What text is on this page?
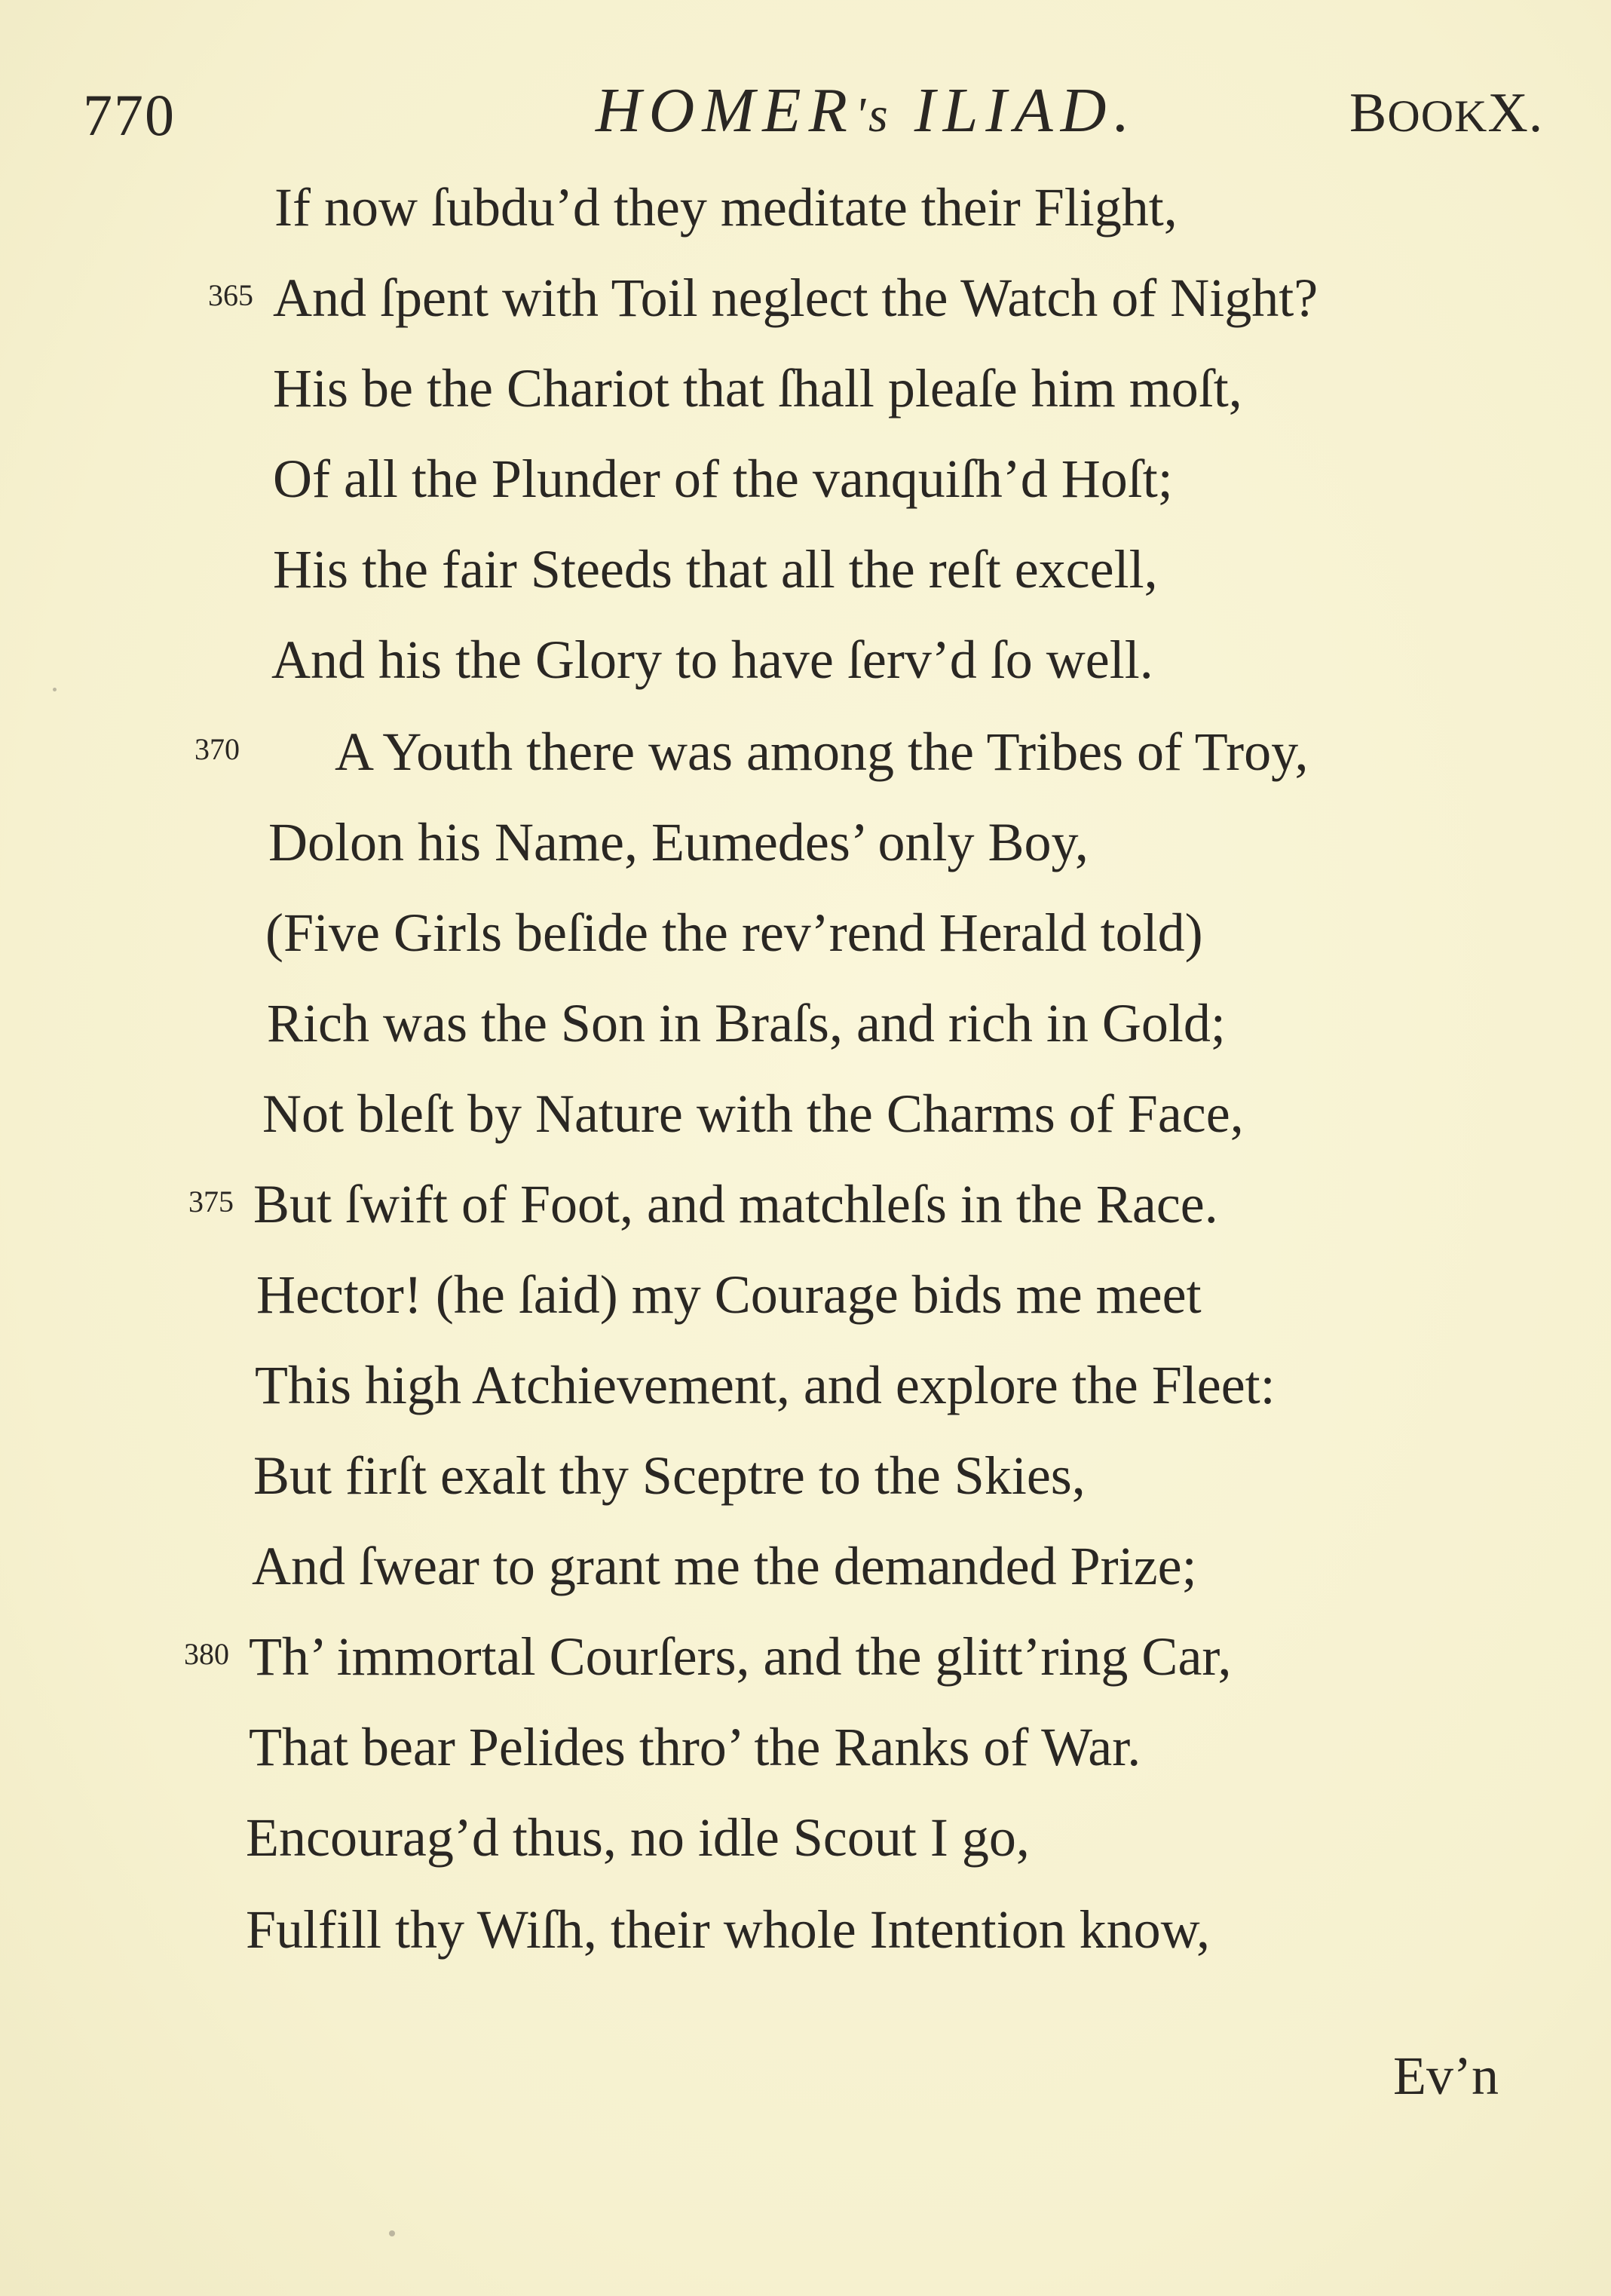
770	HOMER's ILIAD.	BOOKX.
If now ſubdu’d they meditate their Flight,
365 And ſpent with Toil neglect the Watch of Night?
His be the Chariot that ſhall pleaſe him moſt,
Of all the Plunder of the vanquiſh’d Hoſt;
His the fair Steeds that all the reſt excell,
And his the Glory to have ſerv’d ſo well.
370 A Youth there was among the Tribes of Troy,
Dolon his Name, Eumedes’ only Boy,
(Five Girls beſide the rev’rend Herald told)
Rich was the Son in Braſs, and rich in Gold;
Not bleſt by Nature with the Charms of Face,
375 But ſwift of Foot, and matchleſs in the Race.
Hector! (he ſaid) my Courage bids me meet
This high Atchievement, and explore the Fleet:
But firſt exalt thy Sceptre to the Skies,
And ſwear to grant me the demanded Prize;
380 Th’ immortal Courſers, and the glitt’ring Car,
That bear Pelides thro’ the Ranks of War.
Encourag’d thus, no idle Scout I go,
Fulfill thy Wiſh, their whole Intention know,
Ev’n
